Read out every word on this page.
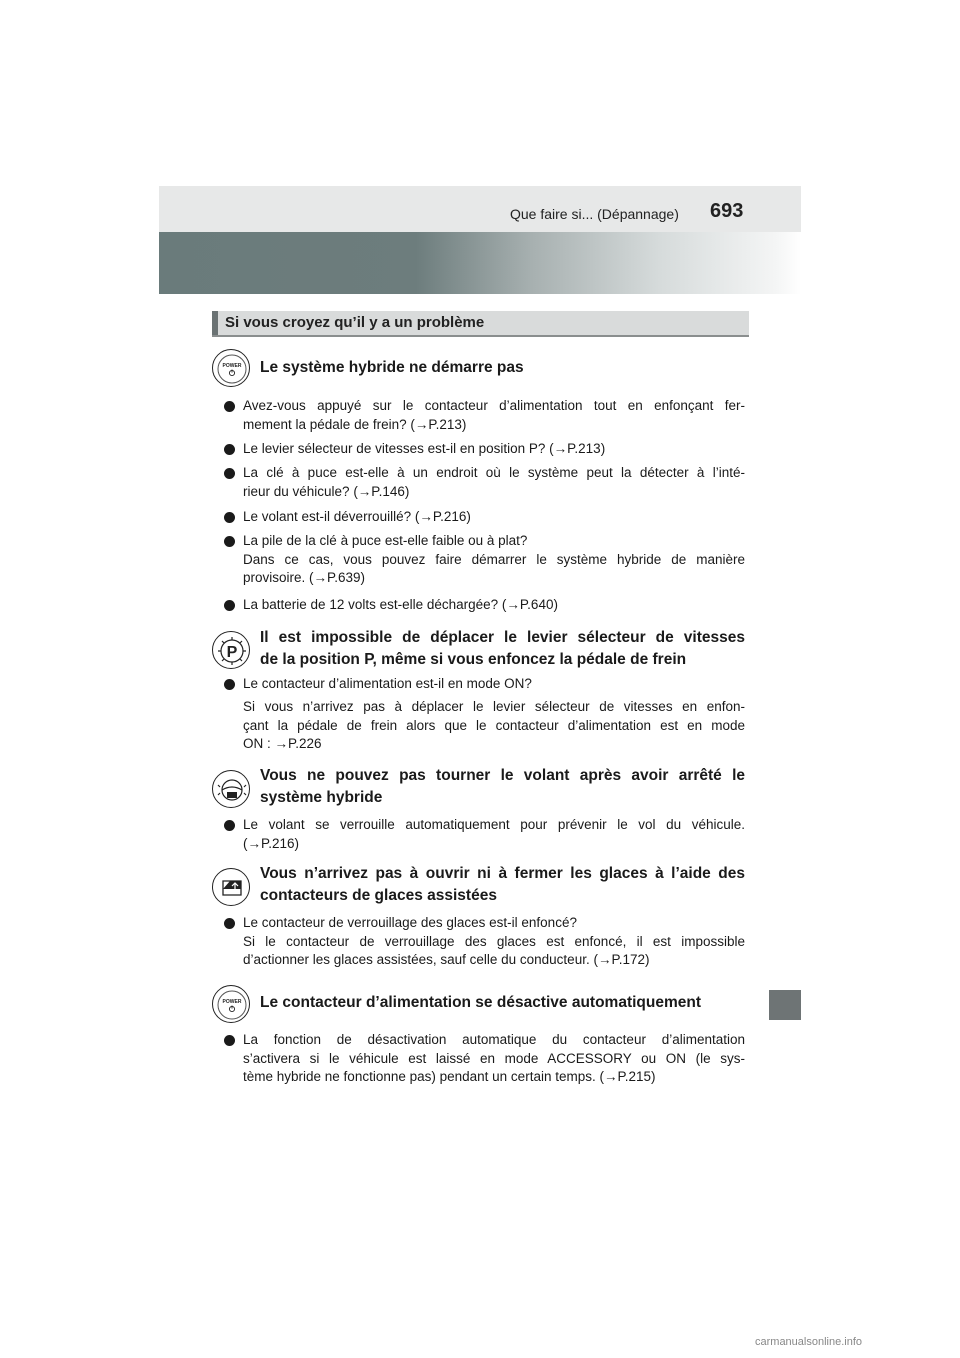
Que faire si... (Dépannage) 693
Si vous croyez qu’il y a un problème
POWER Le système hybride ne démarre pas
Avez-vous appuyé sur le contacteur d’alimentation tout en enfonçant fer-
mement la pédale de frein? (→P.213)
Le levier sélecteur de vitesses est-il en position P? (→P.213)
La clé à puce est-elle à un endroit où le système peut la détecter à l’inté-
rieur du véhicule? (→P.146)
Le volant est-il déverrouillé? (→P.216)
La pile de la clé à puce est-elle faible ou à plat?
Dans ce cas, vous pouvez faire démarrer le système hybride de manière
provisoire. (→P.639)
La batterie de 12 volts est-elle déchargée? (→P.640)
P
Il est impossible de déplacer le levier sélecteur de vitesses
de la position P, même si vous enfoncez la pédale de frein
Le contacteur d’alimentation est-il en mode ON?
Si vous n’arrivez pas à déplacer le levier sélecteur de vitesses en enfon-
çant la pédale de frein alors que le contacteur d’alimentation est en mode
ON : →P.226
Vous ne pouvez pas tourner le volant après avoir arrêté le
système hybride
Le volant se verrouille automatiquement pour prévenir le vol du véhicule.
(→P.216)
Vous n’arrivez pas à ouvrir ni à fermer les glaces à l’aide des
contacteurs de glaces assistées
Le contacteur de verrouillage des glaces est-il enfoncé?
Si le contacteur de verrouillage des glaces est enfoncé, il est impossible
d’actionner les glaces assistées, sauf celle du conducteur. (→P.172)
POWER Le contacteur d’alimentation se désactive automatiquement
La fonction de désactivation automatique du contacteur d’alimentation
s’activera si le véhicule est laissé en mode ACCESSORY ou ON (le sys-
tème hybride ne fonctionne pas) pendant un certain temps. (→P.215)
carmanualsonline.info
